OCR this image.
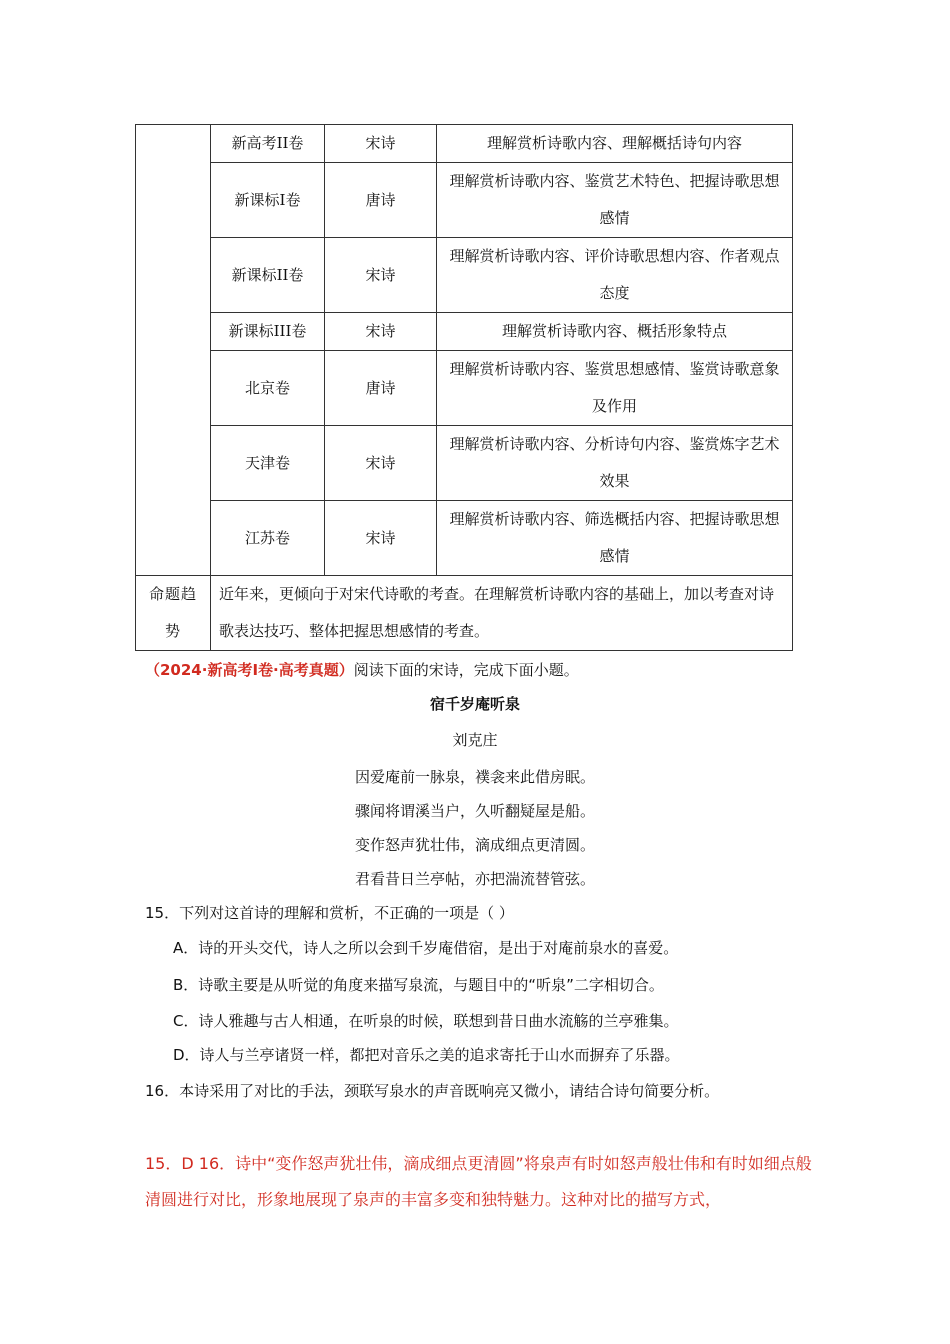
	新高考II卷	宋诗	理解赏析诗歌内容、理解概括诗句内容
	新课标I卷	唐诗	理解赏析诗歌内容、鉴赏艺术特色、把握诗歌思想感情
	新课标II卷	宋诗	理解赏析诗歌内容、评价诗歌思想内容、作者观点态度
	新课标III卷	宋诗	理解赏析诗歌内容、概括形象特点
	北京卷	唐诗	理解赏析诗歌内容、鉴赏思想感情、鉴赏诗歌意象及作用
	天津卷	宋诗	理解赏析诗歌内容、分析诗句内容、鉴赏炼字艺术效果
	江苏卷	宋诗	理解赏析诗歌内容、筛选概括内容、把握诗歌思想感情
命题趋势	近年来，更倾向于对宋代诗歌的考查。在理解赏析诗歌内容的基础上，加以考查对诗歌表达技巧、整体把握思想感情的考查。		
（2024·新高考Ⅰ卷·高考真题）阅读下面的宋诗，完成下面小题。
宿千岁庵听泉
刘克庄
因爱庵前一脉泉，襆衾来此借房眠。
骤闻将谓溪当户，久听翻疑屋是船。
变作怒声犹壮伟，滴成细点更清圆。
君看昔日兰亭帖，亦把湍流替管弦。
15．下列对这首诗的理解和赏析，不正确的一项是（ ）
A．诗的开头交代，诗人之所以会到千岁庵借宿，是出于对庵前泉水的喜爱。
B．诗歌主要是从听觉的角度来描写泉流，与题目中的“听泉”二字相切合。
C．诗人雅趣与古人相通，在听泉的时候，联想到昔日曲水流觞的兰亭雅集。
D．诗人与兰亭诸贤一样，都把对音乐之美的追求寄托于山水而摒弃了乐器。
16．本诗采用了对比的手法，颈联写泉水的声音既响亮又微小，请结合诗句简要分析。
15．D 16．诗中“变作怒声犹壮伟，滴成细点更清圆”将泉声有时如怒声般壮伟和有时如细点般清圆进行对比，形象地展现了泉声的丰富多变和独特魅力。这种对比的描写方式，
